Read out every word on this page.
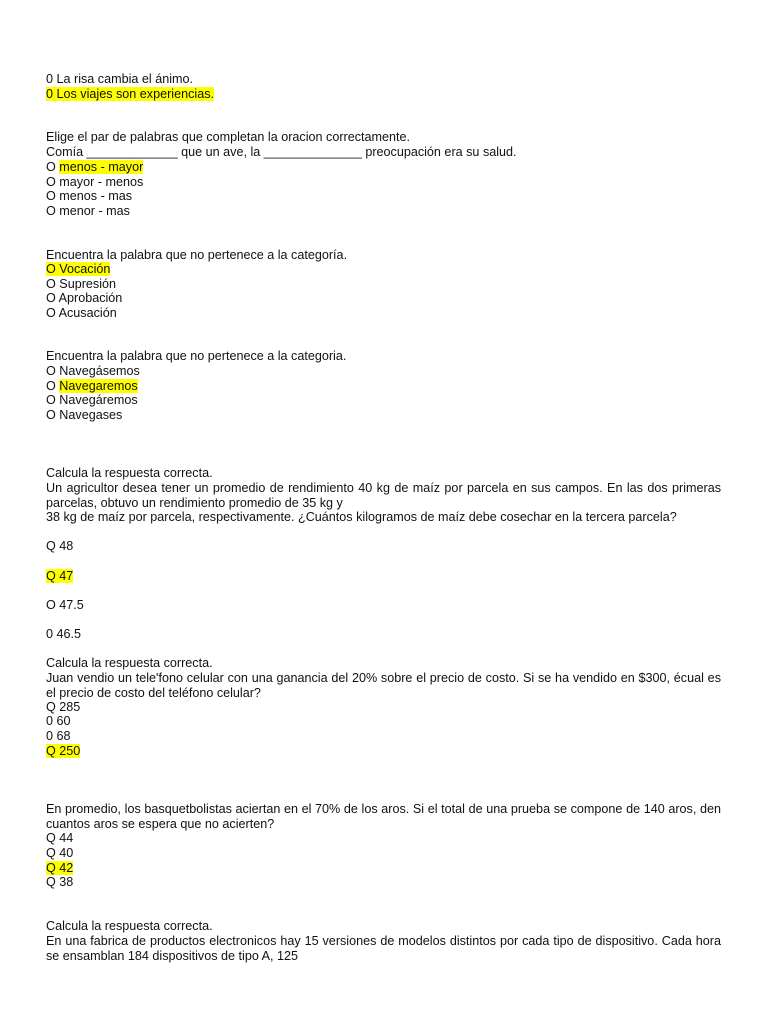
0 La risa cambia el ánimo.
0 Los viajes son experiencias.
Elige el par de palabras que completan la oracion correctamente.
Comía _____________ que un ave, la ______________ preocupación era su salud.
O menos - mayor
O mayor - menos
O menos - mas
O menor - mas
Encuentra la palabra que no pertenece a la categoría.
O Vocación
O Supresión
O Aprobación
O Acusación
Encuentra la palabra que no pertenece a la categoria.
O Navegásemos
O Navegaremos
O Navegáremos
O Navegases
Calcula la respuesta correcta.
Un agricultor desea tener un promedio de rendimiento 40 kg de maíz por parcela en sus campos. En las dos primeras parcelas, obtuvo un rendimiento promedio de 35 kg y
38 kg de maíz por parcela, respectivamente. ¿Cuántos kilogramos de maíz debe cosechar en la tercera parcela?
Q 48
Q 47
O 47.5
0 46.5
Calcula la respuesta correcta.
Juan vendio un tele'fono celular con una ganancia del 20% sobre el precio de costo. Si se ha vendido en $300, écual es el precio de costo del teléfono celular?
Q 285
0 60
0 68
Q 250
En promedio, los basquetbolistas aciertan en el 70% de los aros. Si el total de una prueba se compone de 140 aros, den cuantos aros se espera que no acierten?
Q 44
Q 40
Q 42
Q 38
Calcula la respuesta correcta.
En una fabrica de productos electronicos hay 15 versiones de modelos distintos por cada tipo de dispositivo. Cada hora se ensamblan 184 dispositivos de tipo A, 125
